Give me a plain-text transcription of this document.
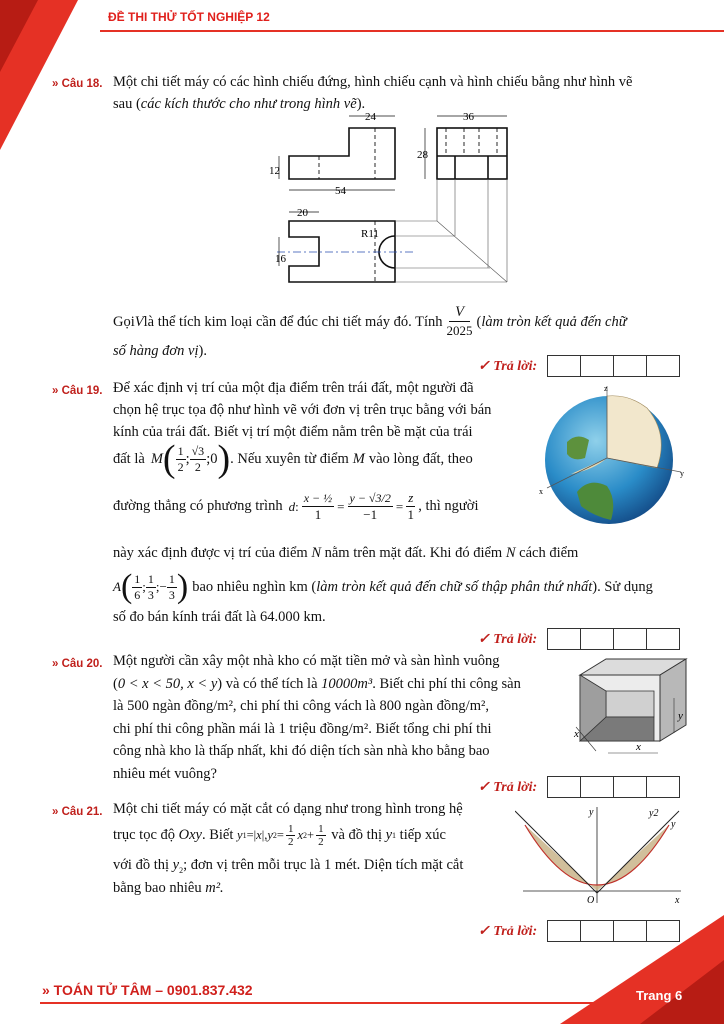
ĐỀ THI THỬ TỐT NGHIỆP 12
» Câu 18. Một chi tiết máy có các hình chiếu đứng, hình chiếu cạnh và hình chiếu bằng như hình vẽ
sau (các kích thước cho như trong hình vẽ).
24	36
28
12
54
20
R11
16
Gọi V là thể tích kim loại cần để đúc chi tiết máy đó. Tính
V
2025
( làm tròn kết quả đến chữ
số hàng đơn vị).
✓ Trả lời:
» Câu 19. Để xác định vị trí của một địa điểm trên trái đất, một người đã
chọn hệ trục tọa độ như hình vẽ với đơn vị trên trục bằng với bán
kính của trái đất. Biết vị trí một điểm nằm trên bề mặt của trái
đất là M ( 1
2 ; √3
2 ;0 ) . Nếu xuyên từ điểm M vào lòng đất, theo
đường thẳng có phương trình d :
x − ½
1
=
y − √3/2
−1
=
z
1
, thì người
này xác định được vị trí của điểm N nằm trên mặt đất. Khi đó điểm N cách điểm
A ( 1
6
;
1
3
;−
1
3 ) bao nhiêu nghìn km ( làm tròn kết quả đến chữ số thập phân thứ nhất ). Sử dụng
số đo bán kính trái đất là 64.000 km.
z
y
x
✓ Trả lời:
» Câu 20. Một người cần xây một nhà kho có mặt tiền mở và sàn hình vuông
(0 < x < 50, x < y) và có thể tích là 10000m³. Biết chi phí thi công sàn
là 500 ngàn đồng/m², chi phí thi công vách là 800 ngàn đồng/m²,
chi phí thi công phần mái là 1 triệu đồng/m². Biết tổng chi phí thi
công nhà kho là thấp nhất, khi đó diện tích sàn nhà kho bằng bao
nhiêu mét vuông?
y
x
x
✓ Trả lời:
» Câu 21. Một chi tiết máy có mặt cắt có dạng như trong hình trong hệ
trục tọc độ
Oxy . Biết
y 1 =| x |, y 2 = 1
2 x 2 + 1
2
và đồ thị
y 1
tiếp xúc
với đồ thị $y_2$; đơn vị trên mỗi trục là 1 mét. Diện tích mặt cắt
bằng bao nhiêu m².
y	y2
y
O	x
✓ Trả lời:
» TOÁN TỬ TÂM – 0901.837.432	Trang 6
